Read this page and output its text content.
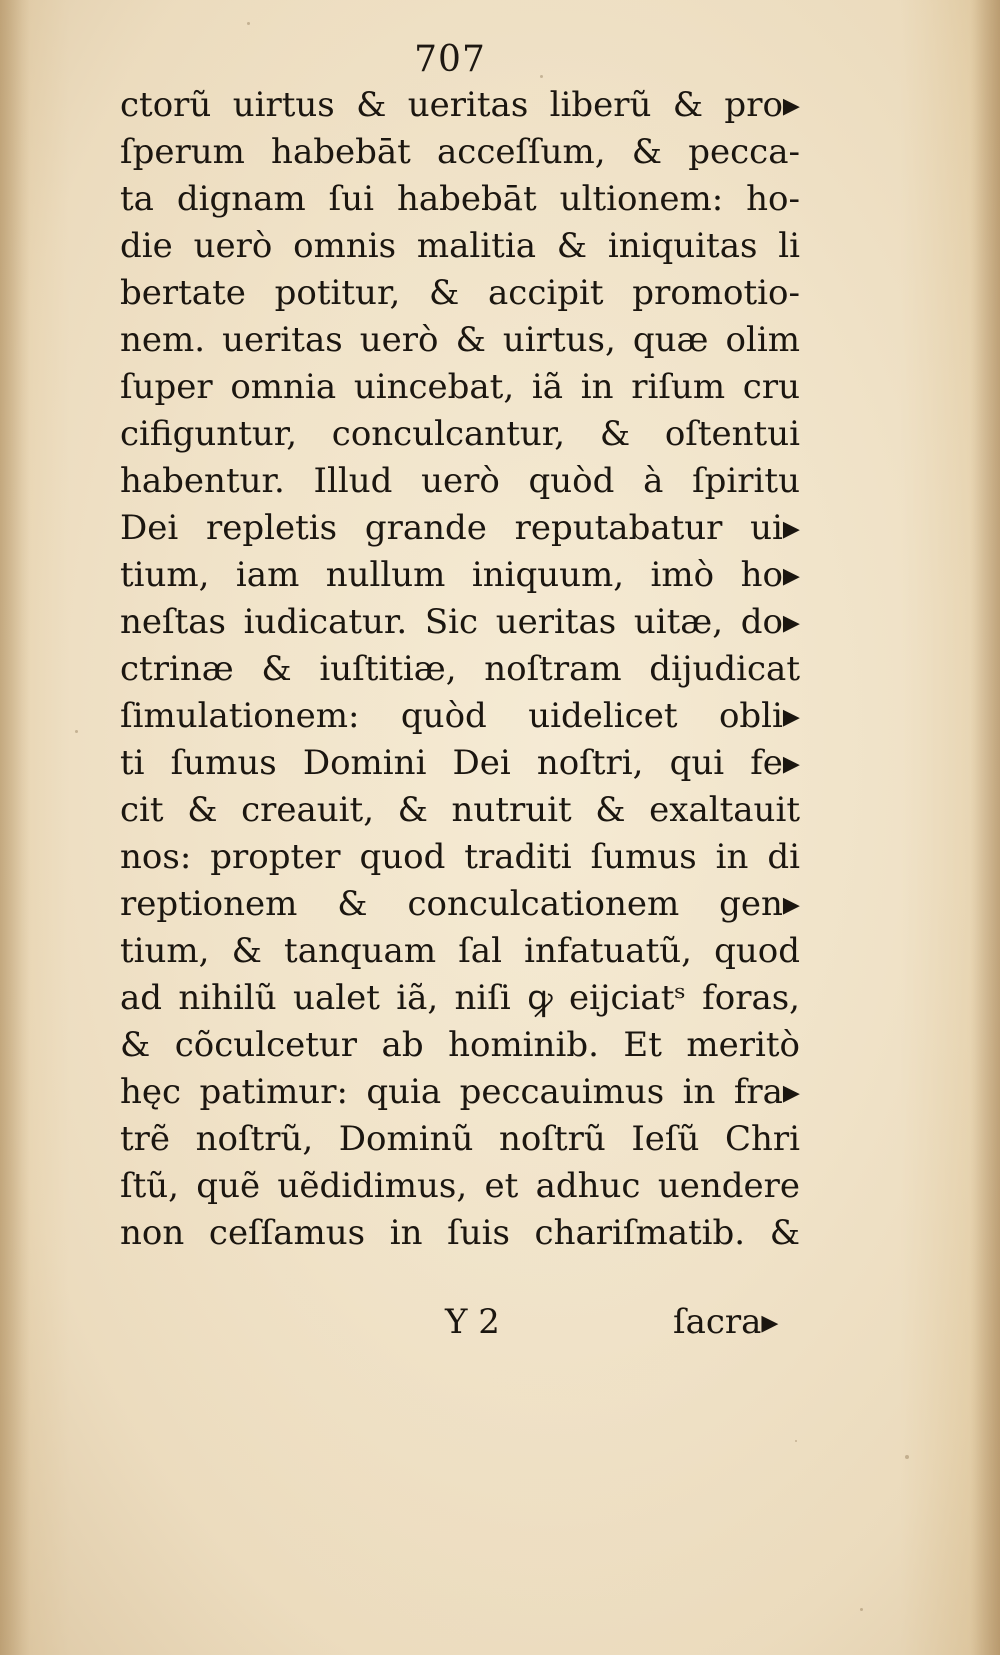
707
ctorũ uirtus & ueritas liberũ & pro▸
ſperum habebāt acceſſum, & pecca-
ta dignam ſui habebāt ultionem: ho-
die uerò omnis malitia & iniquitas li
bertate potitur, & accipit promotio-
nem. ueritas uerò & uirtus, quæ olim
ſuper omnia uincebat, iã in riſum cru
cifiguntur, conculcantur, & oſtentui
habentur. Illud uerò quòd à ſpiritu
Dei repletis grande reputabatur ui▸
tium, iam nullum iniquum, imò ho▸
neſtas iudicatur. Sic ueritas uitæ, do▸
ctrinæ & iuſtitiæ, noſtram dijudicat
ſimulationem: quòd uidelicet obli▸
ti ſumus Domini Dei noſtri, qui fe▸
cit & creauit, & nutruit & exaltauit
nos: propter quod traditi ſumus in di
reptionem & conculcationem gen▸
tium, & tanquam ſal infatuatũ, quod
ad nihilũ ualet iã, niſi ꝙ eijciatˢ foras,
& cõculcetur ab hominib. Et meritò
hęc patimur: quia peccauimus in fra▸
trẽ noſtrũ, Dominũ noſtrũ Ieſũ Chri
ſtũ, quẽ uẽdidimus, et adhuc uendere
non ceſſamus in ſuis chariſmatib. &
Y 2	ſacra▸
